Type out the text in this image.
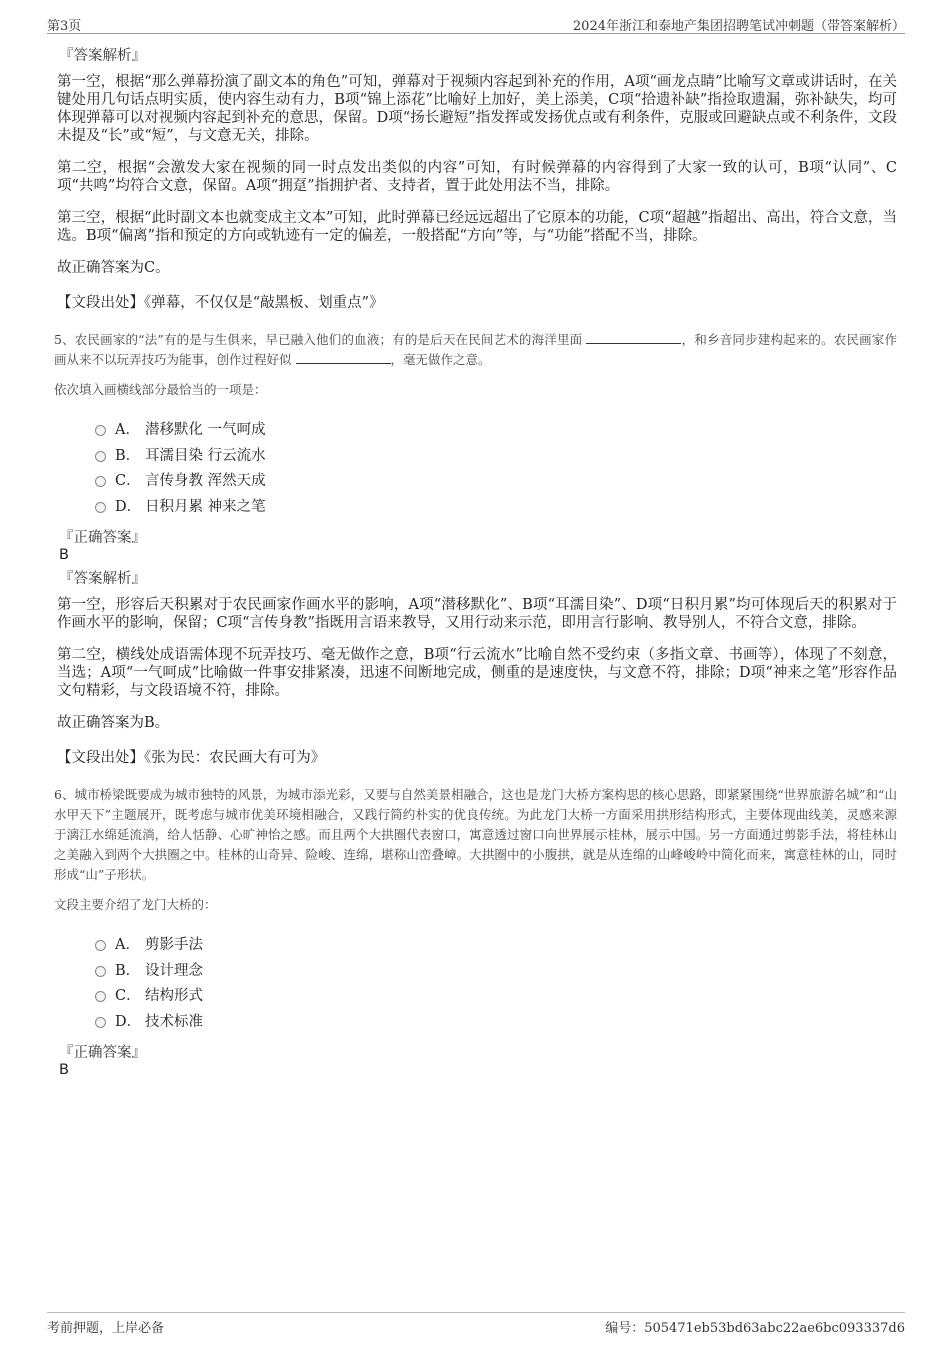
第3页	2024年浙江和泰地产集团招聘笔试冲刺题（带答案解析）
『答案解析』

第一空，根据“那么弹幕扮演了副文本的角色”可知，弹幕对于视频内容起到补充的作用，A项“画龙点睛”比喻写文章或讲话时，在关键处用几句话点明实质，使内容生动有力，B项“锦上添花”比喻好上加好，美上添美，C项“拾遗补缺”指捡取遗漏，弥补缺失，均可体现弹幕可以对视频内容起到补充的意思，保留。D项“扬长避短”指发挥或发扬优点或有利条件，克服或回避缺点或不利条件，文段未提及“长”或“短”，与文意无关，排除。

第二空，根据“会激发大家在视频的同一时点发出类似的内容”可知，有时候弹幕的内容得到了大家一致的认可，B项“认同”、C项“共鸣”均符合文意，保留。A项“拥趸”指拥护者、支持者，置于此处用法不当，排除。

第三空，根据“此时副文本也就变成主文本”可知，此时弹幕已经远远超出了它原本的功能，C项“超越”指超出、高出，符合文意，当选。B项“偏离”指和预定的方向或轨迹有一定的偏差，一般搭配“方向”等，与“功能”搭配不当，排除。

故正确答案为C。

【文段出处】《弹幕，不仅仅是“敲黑板、划重点”》
5、农民画家的“法”有的是与生俱来，早已融入他们的血液；有的是后天在民间艺术的海洋里面	，和乡音同步建构起来的。农民画家作画从来不以玩弄技巧为能事，创作过程好似	，毫无做作之意。
依次填入画横线部分最恰当的一项是：
A． 潜移默化 一气呵成
B． 耳濡目染 行云流水
C． 言传身教 浑然天成
D． 日积月累 神来之笔
『正确答案』
B
『答案解析』

第一空，形容后天积累对于农民画家作画水平的影响，A项“潜移默化”、B项“耳濡目染”、D项“日积月累”均可体现后天的积累对于作画水平的影响，保留；C项“言传身教”指既用言语来教导，又用行动来示范，即用言行影响、教导别人，不符合文意，排除。

第二空，横线处成语需体现不玩弄技巧、毫无做作之意，B项“行云流水”比喻自然不受约束（多指文章、书画等），体现了不刻意，当选；A项“一气呵成”比喻做一件事安排紧凑，迅速不间断地完成，侧重的是速度快，与文意不符，排除；D项“神来之笔”形容作品文句精彩，与文段语境不符，排除。

故正确答案为B。

【文段出处】《张为民：农民画大有可为》
6、城市桥梁既要成为城市独特的风景，为城市添光彩，又要与自然美景相融合，这也是龙门大桥方案构思的核心思路，即紧紧围绕“世界旅游名城”和“山水甲天下”主题展开，既考虑与城市优美环境相融合，又践行简约朴实的优良传统。为此龙门大桥一方面采用拱形结构形式，主要体现曲线美，灵感来源于漓江水绵延流淌，给人恬静、心旷神怡之感。而且两个大拱圈代表窗口，寓意透过窗口向世界展示桂林，展示中国。另一方面通过剪影手法，将桂林山之美融入到两个大拱圈之中。桂林的山奇异、险峻、连绵，堪称山峦叠嶂。大拱圈中的小腹拱，就是从连绵的山峰峻岭中简化而来，寓意桂林的山，同时形成“山”子形状。
文段主要介绍了龙门大桥的：
A． 剪影手法
B． 设计理念
C． 结构形式
D． 技术标准
『正确答案』
B
考前押题，上岸必备	编号：505471eb53bd63abc22ae6bc093337d6
